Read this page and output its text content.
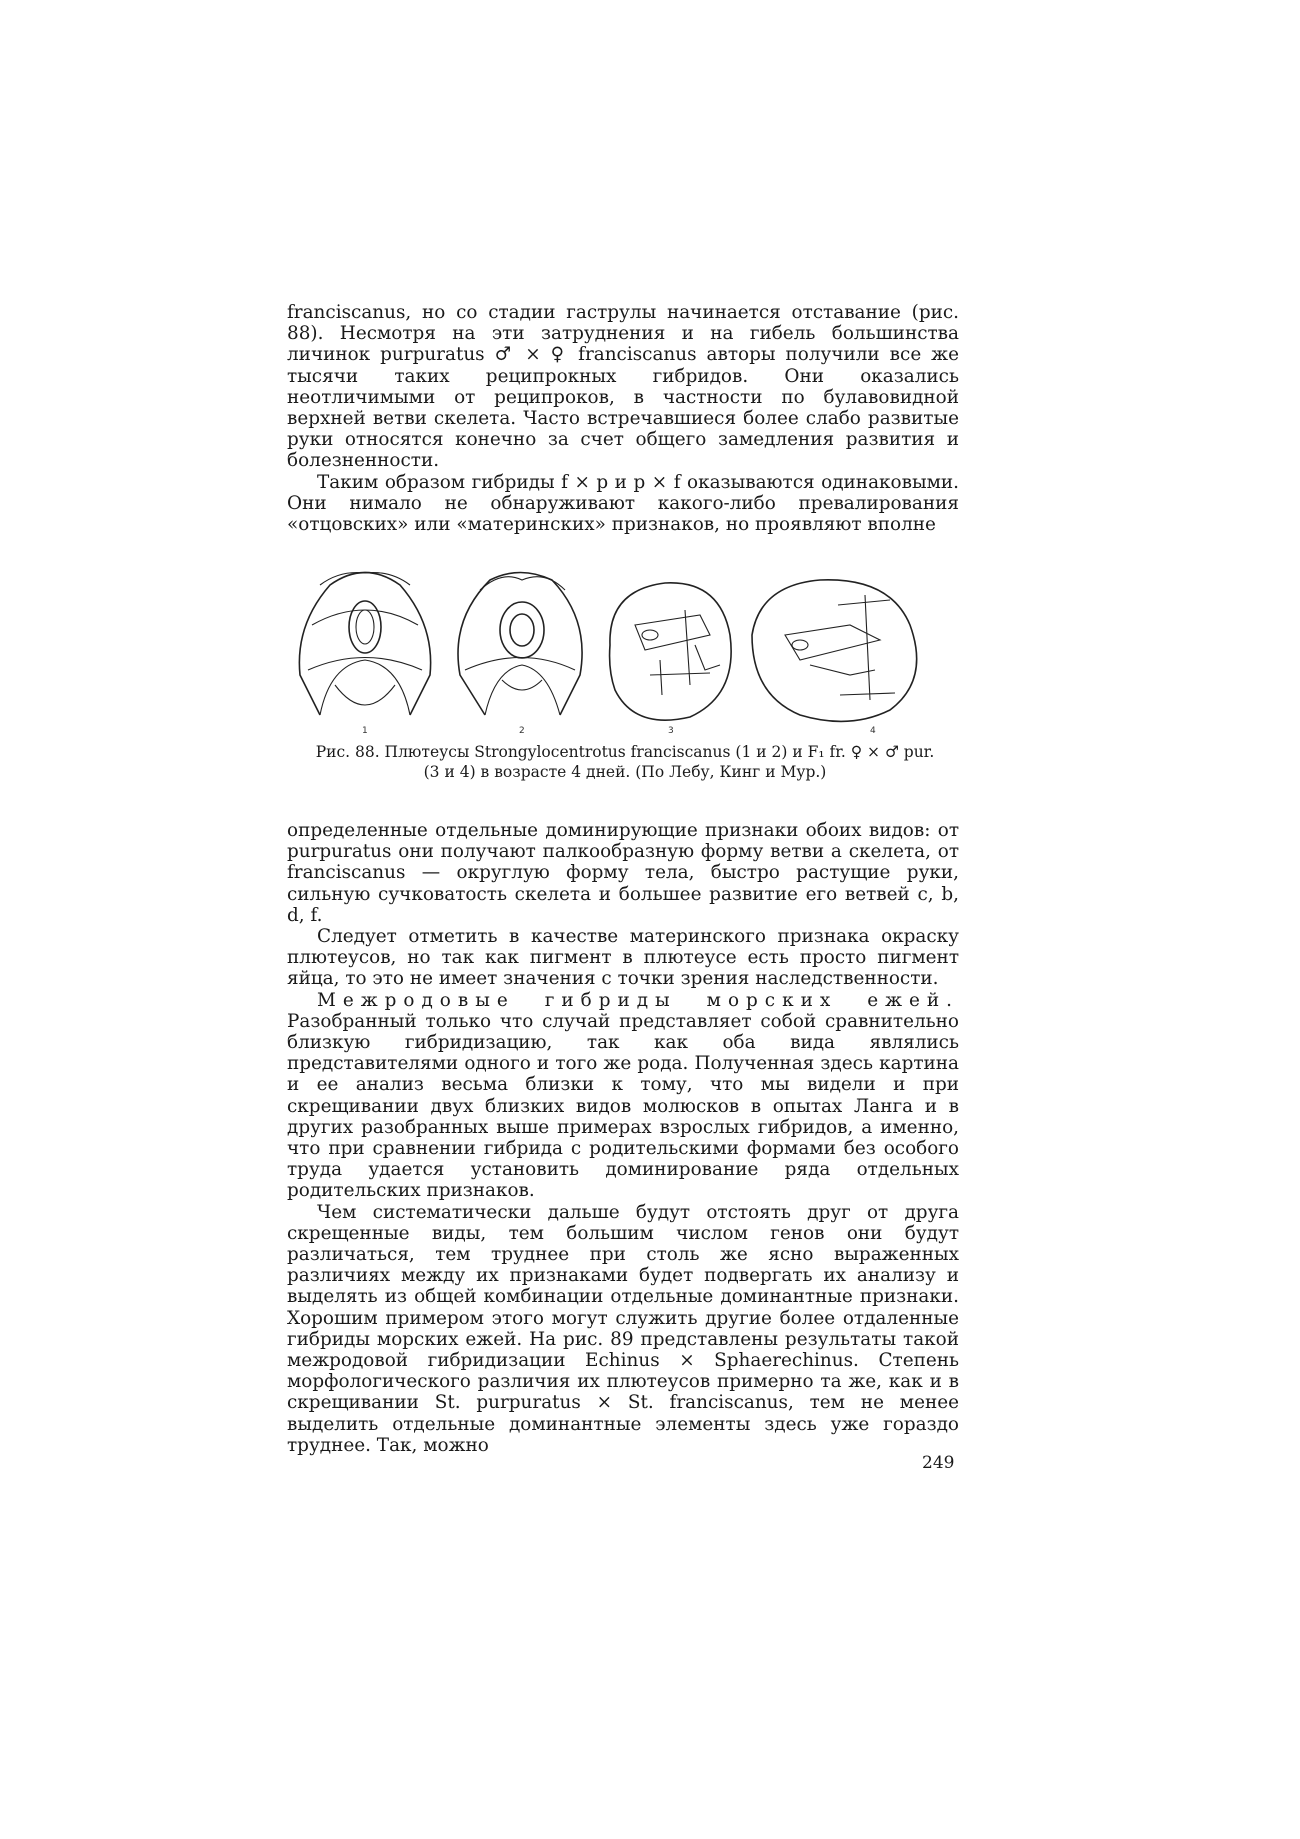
franciscanus, но со стадии гаструлы начинается отставание (рис. 88). Несмотря на эти затруднения и на гибель большинства личинок purpuratus ♂ × ♀ franciscanus авторы получили все же тысячи таких реципрокных гибридов. Они оказались неотличимыми от реципроков, в частности по булавовидной верхней ветви скелета. Часто встречавшиеся более слабо развитые руки относятся конечно за счет общего замедления развития и болезненности.

Таким образом гибриды f × p и p × f оказываются одинаковыми. Они нимало не обнаруживают какого-либо превалирования «отцовских» или «материнских» признаков, но проявляют вполне

1	2	3	4
Рис. 88. Плютеусы Strongylocentrotus franciscanus (1 и 2) и F₁ fr. ♀ × ♂ pur.
(3 и 4) в возрасте 4 дней. (По Лебу, Кинг и Мур.)

определенные отдельные доминирующие признаки обоих видов: от purpuratus они получают палкообразную форму ветви a скелета, от franciscanus — округлую форму тела, быстро растущие руки, сильную сучковатость скелета и большее развитие его ветвей c, b, d, f.

Следует отметить в качестве материнского признака окраску плютеусов, но так как пигмент в плютеусе есть просто пигмент яйца, то это не имеет значения с точки зрения наследственности.

Межродовые гибриды морских ежей. Разобранный только что случай представляет собой сравнительно близкую гибридизацию, так как оба вида являлись представителями одного и того же рода. Полученная здесь картина и ее анализ весьма близки к тому, что мы видели и при скрещивании двух близких видов молюсков в опытах Ланга и в других разобранных выше примерах взрослых гибридов, а именно, что при сравнении гибрида с родительскими формами без особого труда удается установить доминирование ряда отдельных родительских признаков.

Чем систематически дальше будут отстоять друг от друга скрещенные виды, тем большим числом генов они будут различаться, тем труднее при столь же ясно выраженных различиях между их признаками будет подвергать их анализу и выделять из общей комбинации отдельные доминантные признаки. Хорошим примером этого могут служить другие более отдаленные гибриды морских ежей. На рис. 89 представлены результаты такой межродовой гибридизации Echinus × Sphaerechinus. Степень морфологического различия их плютеусов примерно та же, как и в скрещивании St. purpuratus × St. franciscanus, тем не менее выделить отдельные доминантные элементы здесь уже гораздо труднее. Так, можно

249
